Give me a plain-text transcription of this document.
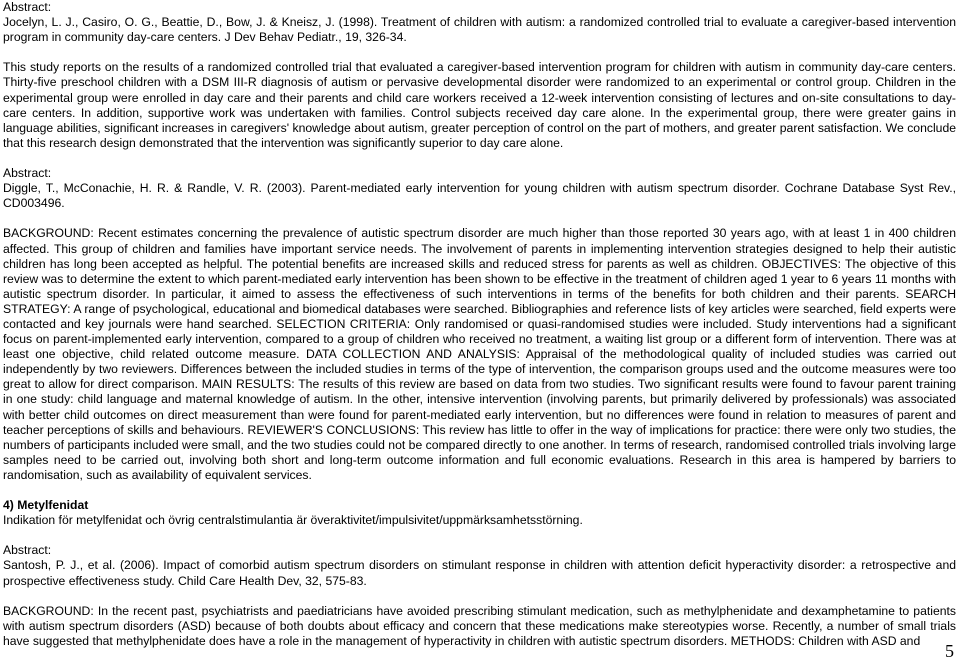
Abstract:

Jocelyn, L. J., Casiro, O. G., Beattie, D., Bow, J. & Kneisz, J. (1998). Treatment of children with autism: a randomized controlled trial to evaluate a caregiver-based intervention program in community day-care centers. J Dev Behav Pediatr., 19, 326-34.

This study reports on the results of a randomized controlled trial that evaluated a caregiver-based intervention program for children with autism in community day-care centers. Thirty-five preschool children with a DSM III-R diagnosis of autism or pervasive developmental disorder were randomized to an experimental or control group. Children in the experimental group were enrolled in day care and their parents and child care workers received a 12-week intervention consisting of lectures and on-site consultations to day-care centers. In addition, supportive work was undertaken with families. Control subjects received day care alone. In the experimental group, there were greater gains in language abilities, significant increases in caregivers' knowledge about autism, greater perception of control on the part of mothers, and greater parent satisfaction. We conclude that this research design demonstrated that the intervention was significantly superior to day care alone.

Abstract:

Diggle, T., McConachie, H. R. & Randle, V. R. (2003). Parent-mediated early intervention for young children with autism spectrum disorder. Cochrane Database Syst Rev., CD003496.

BACKGROUND: Recent estimates concerning the prevalence of autistic spectrum disorder are much higher than those reported 30 years ago, with at least 1 in 400 children affected. This group of children and families have important service needs. The involvement of parents in implementing intervention strategies designed to help their autistic children has long been accepted as helpful. The potential benefits are increased skills and reduced stress for parents as well as children. OBJECTIVES: The objective of this review was to determine the extent to which parent-mediated early intervention has been shown to be effective in the treatment of children aged 1 year to 6 years 11 months with autistic spectrum disorder. In particular, it aimed to assess the effectiveness of such interventions in terms of the benefits for both children and their parents. SEARCH STRATEGY: A range of psychological, educational and biomedical databases were searched. Bibliographies and reference lists of key articles were searched, field experts were contacted and key journals were hand searched. SELECTION CRITERIA: Only randomised or quasi-randomised studies were included. Study interventions had a significant focus on parent-implemented early intervention, compared to a group of children who received no treatment, a waiting list group or a different form of intervention. There was at least one objective, child related outcome measure. DATA COLLECTION AND ANALYSIS: Appraisal of the methodological quality of included studies was carried out independently by two reviewers. Differences between the included studies in terms of the type of intervention, the comparison groups used and the outcome measures were too great to allow for direct comparison. MAIN RESULTS: The results of this review are based on data from two studies. Two significant results were found to favour parent training in one study: child language and maternal knowledge of autism. In the other, intensive intervention (involving parents, but primarily delivered by professionals) was associated with better child outcomes on direct measurement than were found for parent-mediated early intervention, but no differences were found in relation to measures of parent and teacher perceptions of skills and behaviours. REVIEWER'S CONCLUSIONS: This review has little to offer in the way of implications for practice: there were only two studies, the numbers of participants included were small, and the two studies could not be compared directly to one another. In terms of research, randomised controlled trials involving large samples need to be carried out, involving both short and long-term outcome information and full economic evaluations. Research in this area is hampered by barriers to randomisation, such as availability of equivalent services.

4) Metylfenidat

Indikation för metylfenidat och övrig centralstimulantia är överaktivitet/impulsivitet/uppmärksamhetsstörning.

Abstract:

Santosh, P. J., et al. (2006). Impact of comorbid autism spectrum disorders on stimulant response in children with attention deficit hyperactivity disorder: a retrospective and prospective effectiveness study. Child Care Health Dev, 32, 575-83.

BACKGROUND: In the recent past, psychiatrists and paediatricians have avoided prescribing stimulant medication, such as methylphenidate and dexamphetamine to patients with autism spectrum disorders (ASD) because of both doubts about efficacy and concern that these medications make stereotypies worse. Recently, a number of small trials have suggested that methylphenidate does have a role in the management of hyperactivity in children with autistic spectrum disorders. METHODS: Children with ASD and

5
